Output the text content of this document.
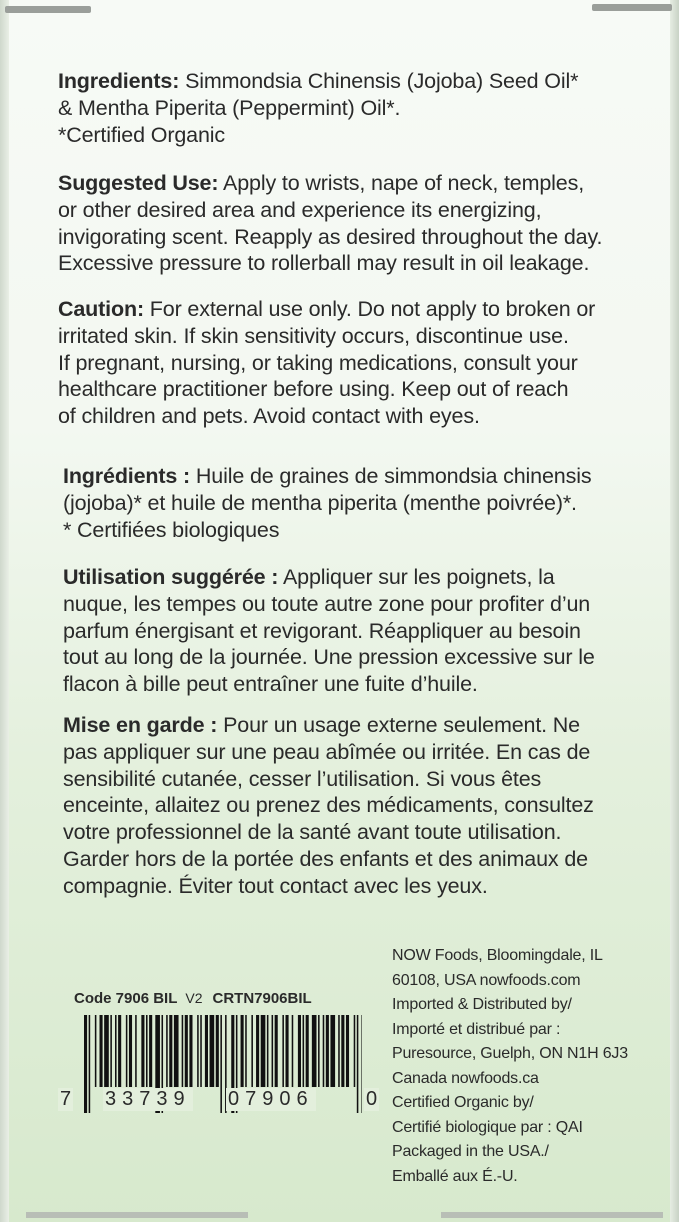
Ingredients: Simmondsia Chinensis (Jojoba) Seed Oil*
& Mentha Piperita (Peppermint) Oil*.
*Certified Organic
Suggested Use: Apply to wrists, nape of neck, temples,
or other desired area and experience its energizing,
invigorating scent. Reapply as desired throughout the day.
Excessive pressure to rollerball may result in oil leakage.
Caution: For external use only. Do not apply to broken or
irritated skin. If skin sensitivity occurs, discontinue use.
If pregnant, nursing, or taking medications, consult your
healthcare practitioner before using. Keep out of reach
of children and pets. Avoid contact with eyes.
Ingrédients : Huile de graines de simmondsia chinensis
(jojoba)* et huile de mentha piperita (menthe poivrée)*.
* Certifiées biologiques
Utilisation suggérée : Appliquer sur les poignets, la
nuque, les tempes ou toute autre zone pour profiter d’un
parfum énergisant et revigorant. Réappliquer au besoin
tout au long de la journée. Une pression excessive sur le
flacon à bille peut entraîner une fuite d’huile.
Mise en garde : Pour un usage externe seulement. Ne
pas appliquer sur une peau abîmée ou irritée. En cas de
sensibilité cutanée, cesser l’utilisation. Si vous êtes
enceinte, allaitez ou prenez des médicaments, consultez
votre professionnel de la santé avant toute utilisation.
Garder hors de la portée des enfants et des animaux de
compagnie. Éviter tout contact avec les yeux.
Code 7906 BIL V2 CRTN7906BIL
7 33739 07906	0
NOW Foods, Bloomingdale, IL
60108, USA nowfoods.com
Imported & Distributed by/
Importé et distribué par :
Puresource, Guelph, ON N1H 6J3
Canada nowfoods.ca
Certified Organic by/
Certifié biologique par : QAI
Packaged in the USA./
Emballé aux É.-U.
